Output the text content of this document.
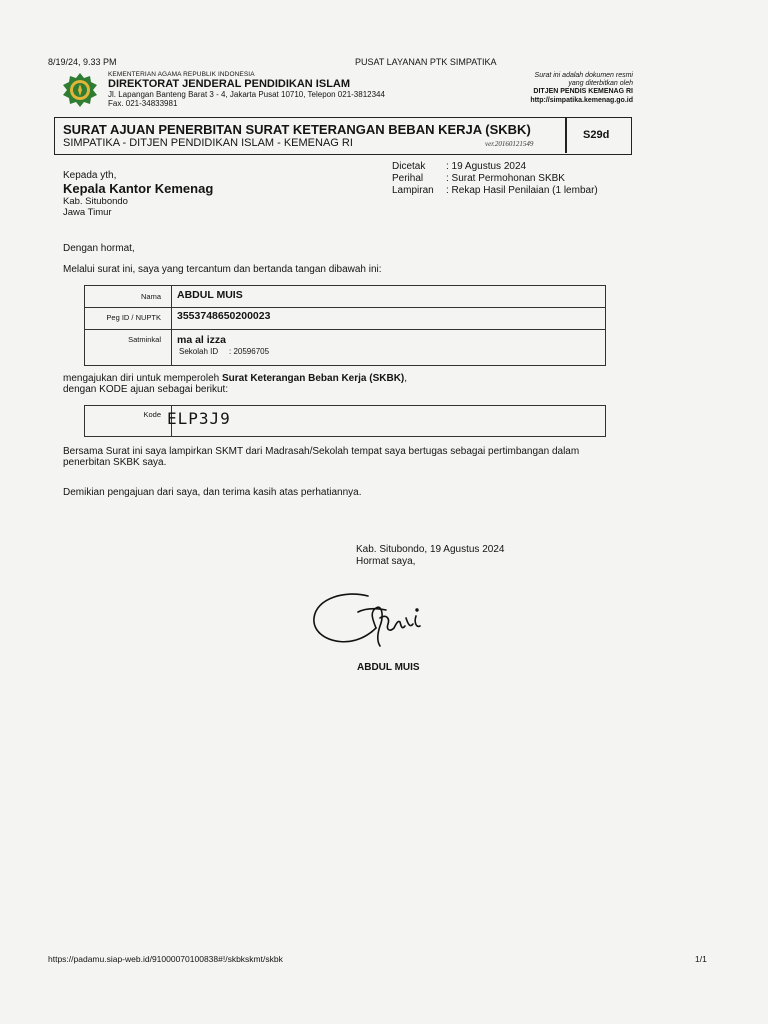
8/19/24, 9.33 PM	PUSAT LAYANAN PTK SIMPATIKA
KEMENTERIAN AGAMA REPUBLIK INDONESIA
DIREKTORAT JENDERAL PENDIDIKAN ISLAM
Jl. Lapangan Banteng Barat 3 - 4, Jakarta Pusat 10710, Telepon 021-3812344
Fax. 021-34833981
Surat ini adalah dokumen resmi
yang diterbitkan oleh
DITJEN PENDIS KEMENAG RI
http://simpatika.kemenag.go.id
SURAT AJUAN PENERBITAN SURAT KETERANGAN BEBAN KERJA (SKBK)
SIMPATIKA - DITJEN PENDIDIKAN ISLAM - KEMENAG RI	ver.20160121549
S29d
Kepada yth,
Kepala Kantor Kemenag
Kab. Situbondo
Jawa Timur
Dicetak : 19 Agustus 2024
Perihal : Surat Permohonan SKBK
Lampiran : Rekap Hasil Penilaian (1 lembar)
Dengan hormat,
Melalui surat ini, saya yang tercantum dan bertanda tangan dibawah ini:
Nama ABDUL MUIS
Peg ID / NUPTK 3553748650200023
Satminkal ma al izza
Sekolah ID : 20596705
mengajukan diri untuk memperoleh Surat Keterangan Beban Kerja (SKBK),
dengan KODE ajuan sebagai berikut:
Kode ELP3J9
Bersama Surat ini saya lampirkan SKMT dari Madrasah/Sekolah tempat saya bertugas sebagai pertimbangan dalam
penerbitan SKBK saya.
Demikian pengajuan dari saya, dan terima kasih atas perhatiannya.
Kab. Situbondo, 19 Agustus 2024
Hormat saya,
ABDUL MUIS
https://padamu.siap-web.id/91000070100838#!/skbkskmt/skbk	1/1
